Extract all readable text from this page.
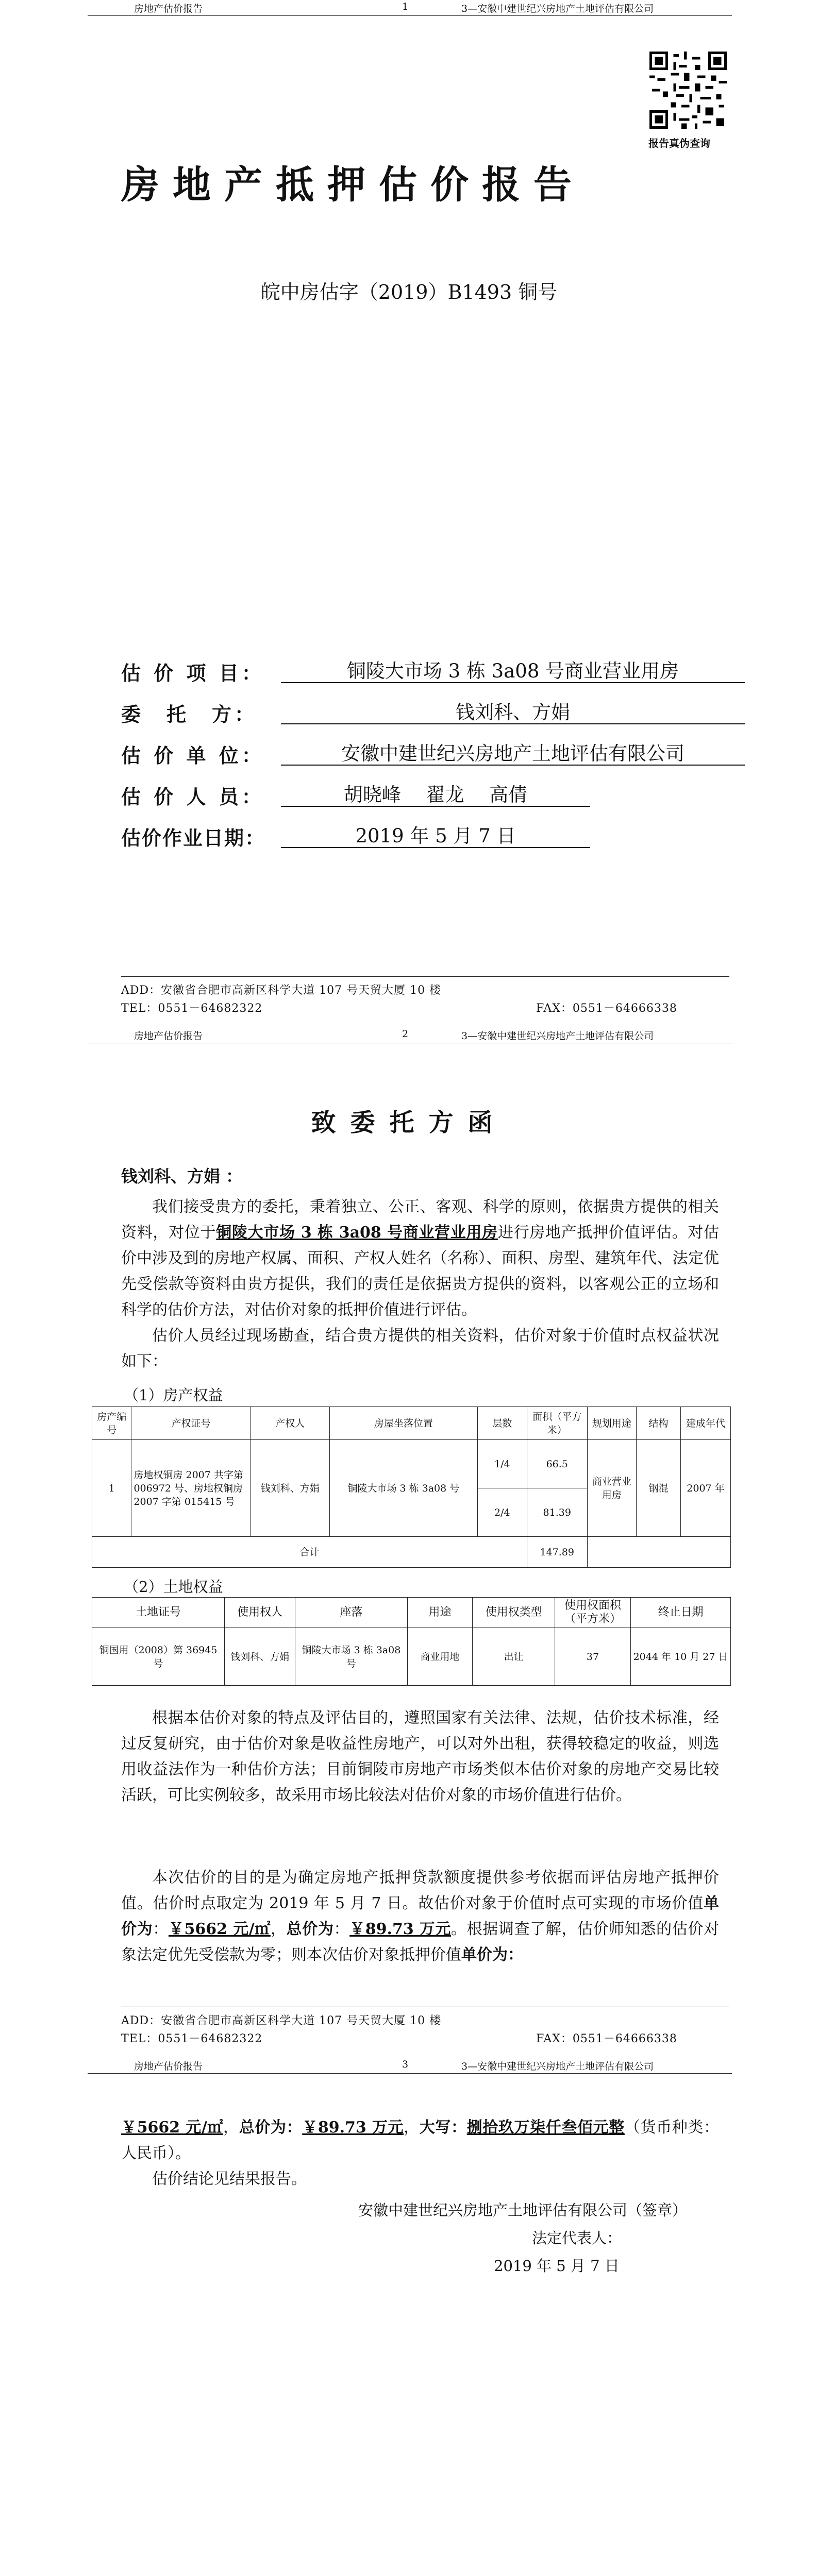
房地产估价报告	1	3—安徽中建世纪兴房地产土地评估有限公司
报告真伪查询
房地产抵押估价报告
皖中房估字（2019）B1493 铜号
估 价 项 目：	铜陵大市场 3 栋 3a08 号商业营业用房
委　托　方：	钱刘科、方娟
估 价 单 位：	安徽中建世纪兴房地产土地评估有限公司
估 价 人 员：	胡晓峰　 翟龙　 高倩
估价作业日期：	2019 年 5 月 7 日
ADD：安徽省合肥市高新区科学大道 107 号天贸大厦 10 楼
TEL：0551－64682322	FAX：0551－64666338
房地产估价报告	2	3—安徽中建世纪兴房地产土地评估有限公司
致委托方函
钱刘科、方娟 ：

我们接受贵方的委托，秉着独立、公正、客观、科学的原则，依据贵方提供的相关资料，对位于铜陵大市场 3 栋 3a08 号商业营业用房进行房地产抵押价值评估。对估价中涉及到的房地产权属、面积、产权人姓名（名称）、面积、房型、建筑年代、法定优先受偿款等资料由贵方提供，我们的责任是依据贵方提供的资料，以客观公正的立场和科学的估价方法，对估价对象的抵押价值进行评估。

估价人员经过现场勘查，结合贵方提供的相关资料，估价对象于价值时点权益状况如下：

（1）房产权益
房产编号	产权证号	产权人	房屋坐落位置	层数	面积（平方米）	规划用途	结构	建成年代
1	房地权铜房 2007 共字第 006972 号、房地权铜房 2007 字第 015415 号	钱刘科、方娟	铜陵大市场 3 栋 3a08 号	1/4	66.5	商业营业用房	钢混	2007 年
				2/4	81.39			
合计					147.89			
（2）土地权益
土地证号	使用权人	座落	用途	使用权类型	使用权面积（平方米）	终止日期
铜国用（2008）第 36945 号	钱刘科、方娟	铜陵大市场 3 栋 3a08 号	商业用地	出让	37	2044 年 10 月 27 日

根据本估价对象的特点及评估目的，遵照国家有关法律、法规，估价技术标准，经过反复研究，由于估价对象是收益性房地产，可以对外出租，获得较稳定的收益，则选用收益法作为一种估价方法；目前铜陵市房地产市场类似本估价对象的房地产交易比较活跃，可比实例较多，故采用市场比较法对估价对象的市场价值进行估价。

本次估价的目的是为确定房地产抵押贷款额度提供参考依据而评估房地产抵押价值。估价时点取定为 2019 年 5 月 7 日。故估价对象于价值时点可实现的市场价值单价为：￥5662 元/㎡，总价为：￥89.73 万元。根据调查了解，估价师知悉的估价对象法定优先受偿款为零；则本次估价对象抵押价值单价为：

ADD：安徽省合肥市高新区科学大道 107 号天贸大厦 10 楼
TEL：0551－64682322	FAX：0551－64666338
房地产估价报告	3	3—安徽中建世纪兴房地产土地评估有限公司
￥5662 元/㎡，总价为：￥89.73 万元，大写：捌拾玖万柒仟叁佰元整（货币种类：人民币）。

估价结论见结果报告。

安徽中建世纪兴房地产土地评估有限公司（签章）
法定代表人：
2019 年 5 月 7 日
